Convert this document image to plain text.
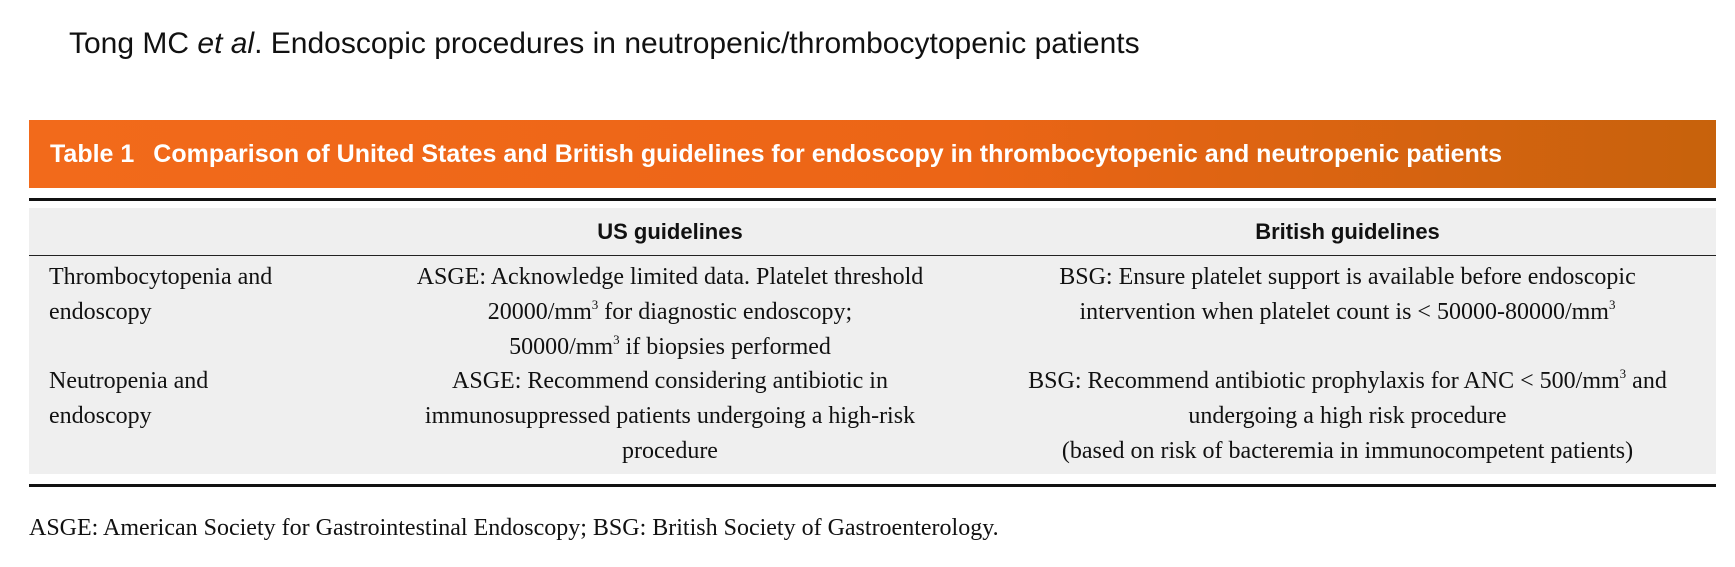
Tong MC et al. Endoscopic procedures in neutropenic/thrombocytopenic patients
Table 1 Comparison of United States and British guidelines for endoscopy in thrombocytopenic and neutropenic patients
US guidelines	British guidelines
Thrombocytopenia and
endoscopy
ASGE: Acknowledge limited data. Platelet threshold
$20000/mm^3$ for diagnostic endoscopy;
$50000/mm^3$ if biopsies performed
BSG: Ensure platelet support is available before endoscopic
intervention when platelet count is < $50000-80000/mm^3$
Neutropenia and
endoscopy
ASGE: Recommend considering antibiotic in
immunosuppressed patients undergoing a high-risk
procedure
BSG: Recommend antibiotic prophylaxis for ANC < $500/mm^3$ and
undergoing a high risk procedure
(based on risk of bacteremia in immunocompetent patients)
ASGE: American Society for Gastrointestinal Endoscopy; BSG: British Society of Gastroenterology.
